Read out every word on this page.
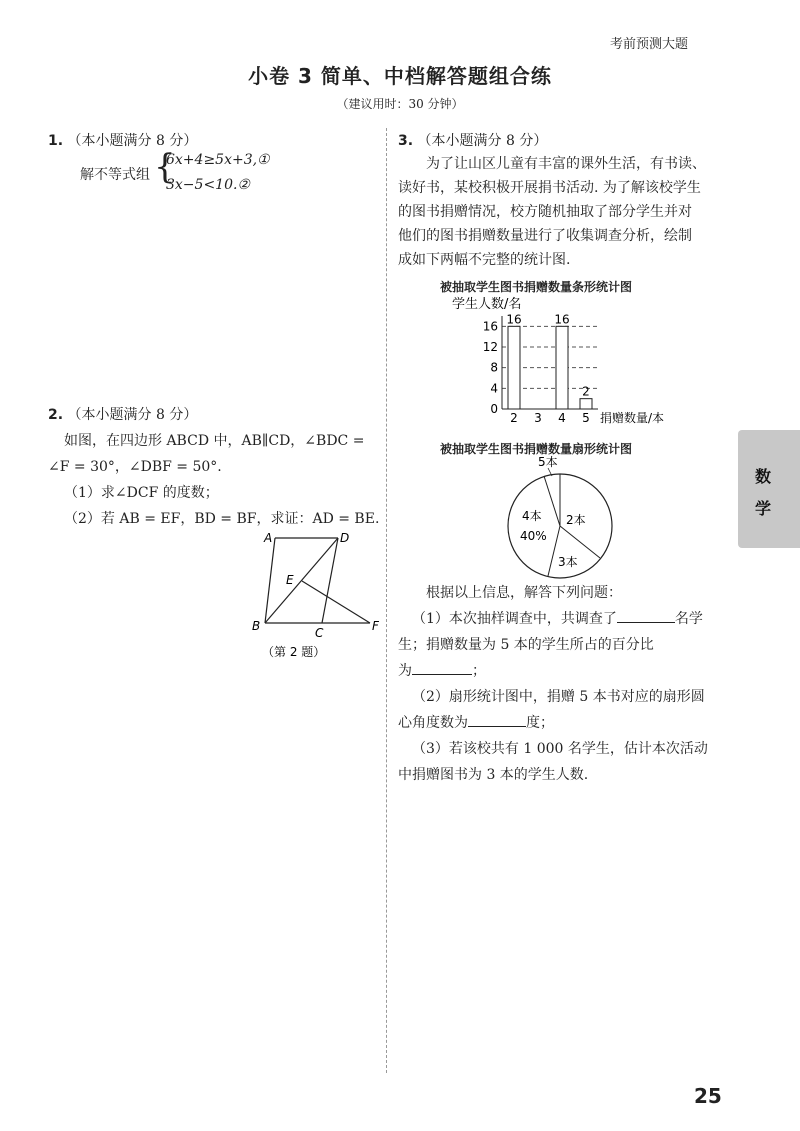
考前预测大题
小卷 3 简单、中档解答题组合练
（建议用时：30 分钟）
1. （本小题满分 8 分）
解不等式组 {
6x+4≥5x+3,①
3x−5<10.②
2. （本小题满分 8 分）
如图，在四边形 ABCD 中，AB∥CD，∠BDC =
∠F = 30°，∠DBF = 50°.
（1）求∠DCF 的度数；
（2）若 AB = EF，BD = BF，求证：AD = BE.
A	D
E
B	C	F
（第 2 题）
3. （本小题满分 8 分）
为了让山区儿童有丰富的课外生活，有书读、
读好书，某校积极开展捐书活动. 为了解该校学生
的图书捐赠情况，校方随机抽取了部分学生并对
他们的图书捐赠数量进行了收集调查分析，绘制
成如下两幅不完整的统计图.
被抽取学生图书捐赠数量条形统计图
学生人数/名
0
4
8
12
16 16
2 3
16
4
2
5 捐赠数量/本
被抽取学生图书捐赠数量扇形统计图
5本
2本
3本
4本
40%
根据以上信息，解答下列问题：
（1）本次抽样调查中，共调查了	名学
生；捐赠数量为 5 本的学生所占的百分比
为	；
（2）扇形统计图中，捐赠 5 本书对应的扇形圆
心角度数为	度；
（3）若该校共有 1 000 名学生，估计本次活动
中捐赠图书为 3 本的学生人数.
数
学
25
